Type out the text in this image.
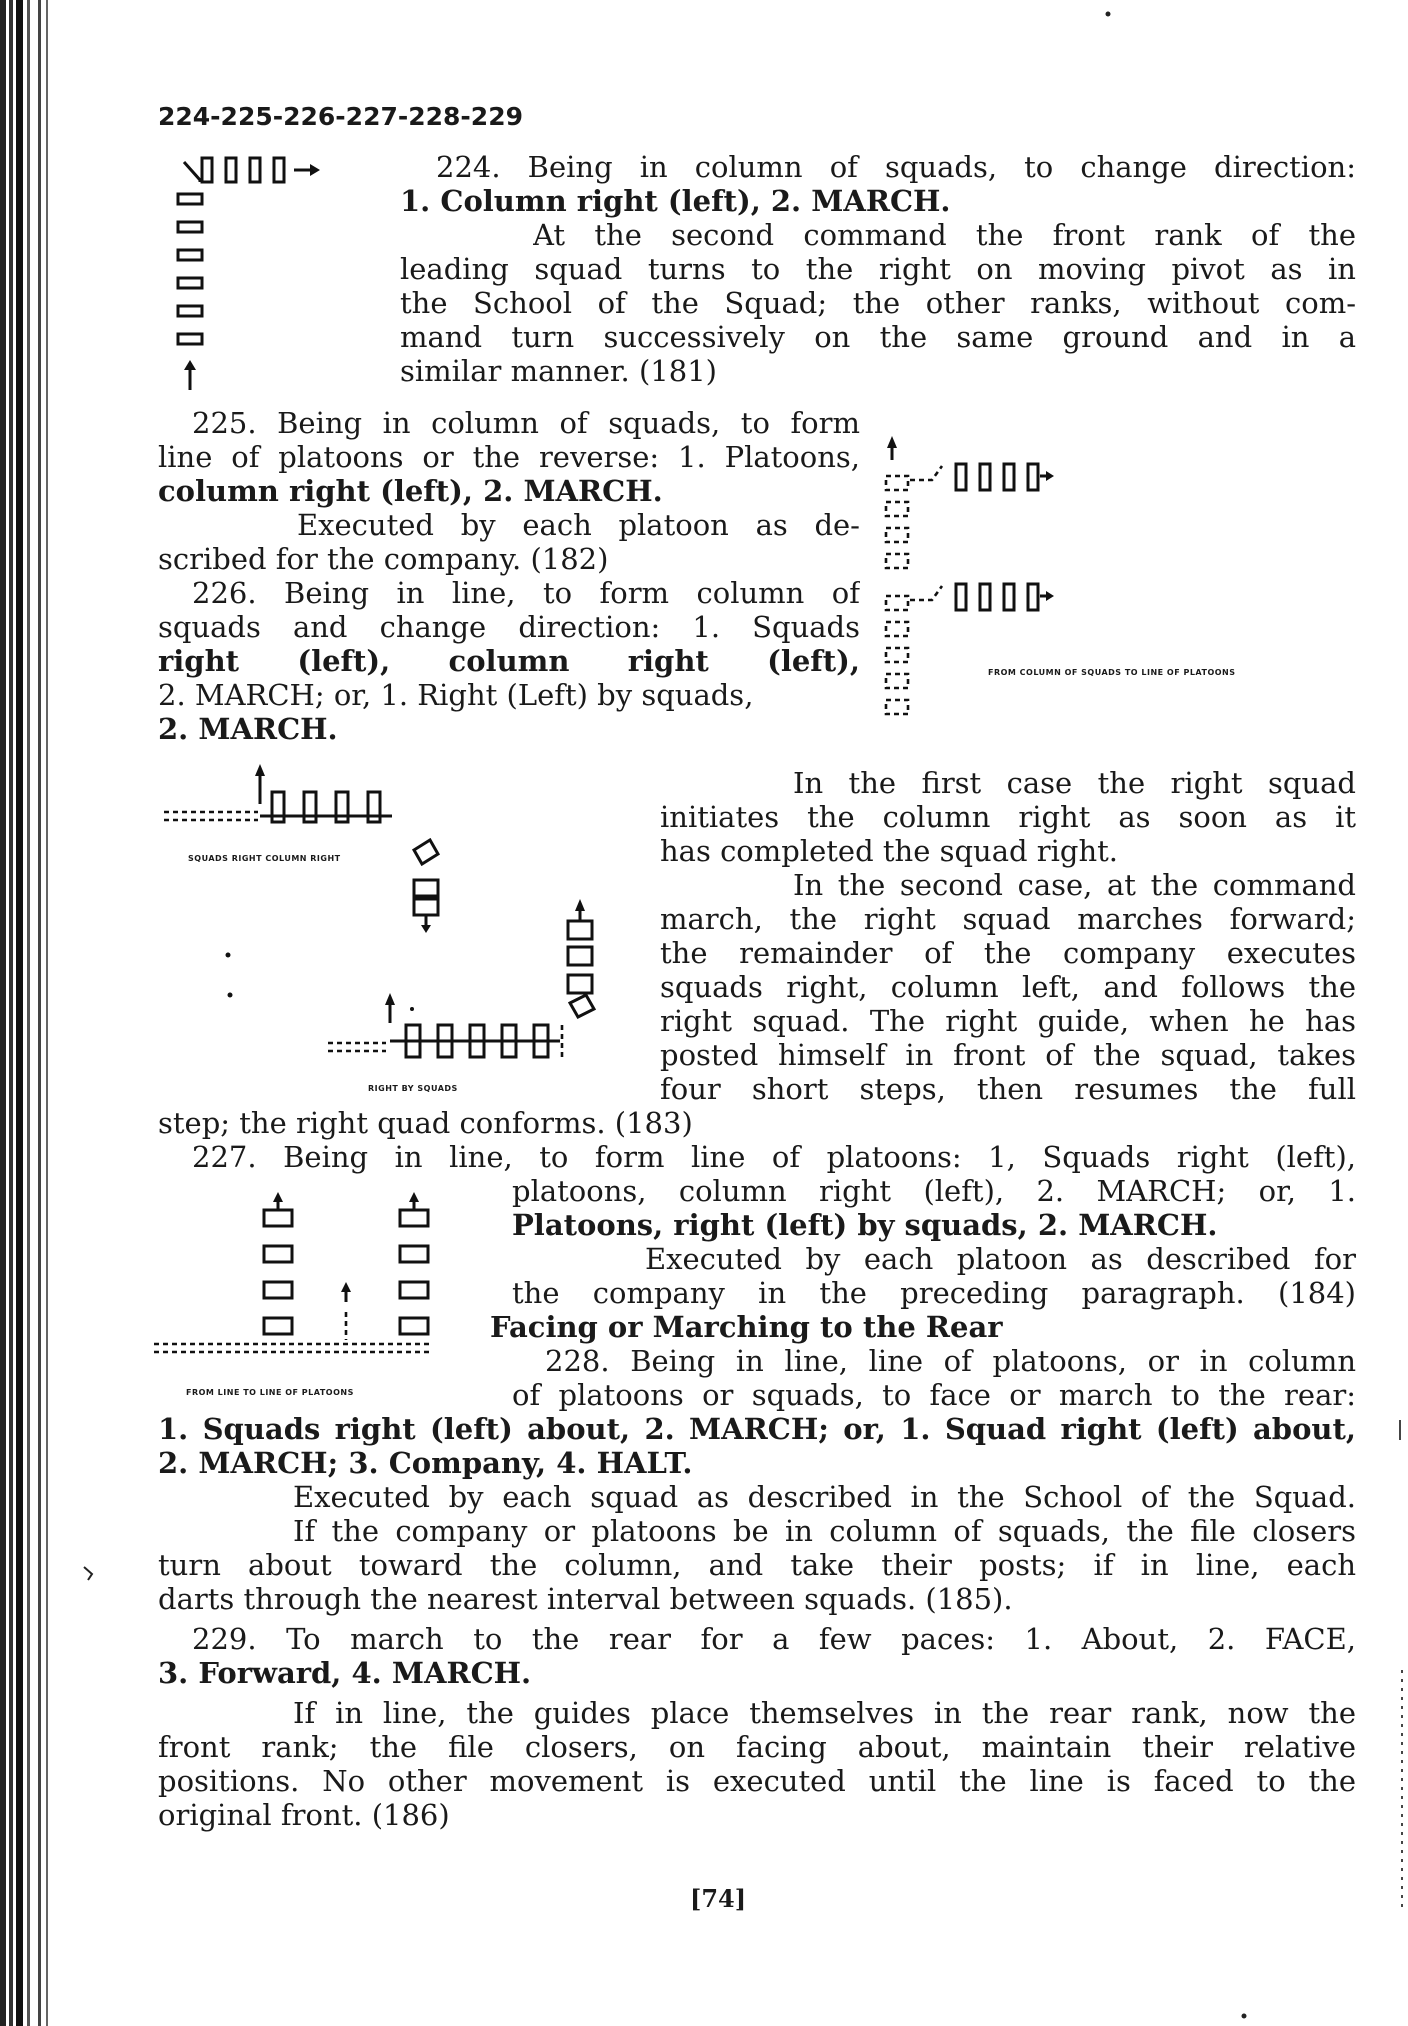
224-225-226-227-228-229
224. Being in column of squads, to change direction:
1. Column right (left), 2. MARCH.
At the second command the front rank of the
leading squad turns to the right on moving pivot as in
the School of the Squad; the other ranks, without com-
mand turn successively on the same ground and in a
similar manner. (181)
225. Being in column of squads, to form
line of platoons or the reverse: 1. Platoons,
column right (left), 2. MARCH.
Executed by each platoon as de-
scribed for the company. (182)
FROM COLUMN OF SQUADS TO LINE OF PLATOONS
226. Being in line, to form column of
squads and change direction: 1. Squads
right (left), column right (left),
2. MARCH; or, 1. Right (Left) by squads,
2. MARCH.
SQUADS RIGHT COLUMN RIGHT
RIGHT BY SQUADS
In the first case the right squad
initiates the column right as soon as it
has completed the squad right.
In the second case, at the command
march, the right squad marches forward;
the remainder of the company executes
squads right, column left, and follows the
right squad. The right guide, when he has
posted himself in front of the squad, takes
four short steps, then resumes the full
step; the right quad conforms. (183)
227. Being in line, to form line of platoons: 1, Squads right (left),
platoons, column right (left), 2. MARCH; or, 1.
Platoons, right (left) by squads, 2. MARCH.
Executed by each platoon as described for
the company in the preceding paragraph. (184)
FROM LINE TO LINE OF PLATOONS
Facing or Marching to the Rear
228. Being in line, line of platoons, or in column
of platoons or squads, to face or march to the rear:
1. Squads right (left) about, 2. MARCH; or, 1. Squad right (left) about,
2. MARCH; 3. Company, 4. HALT.
Executed by each squad as described in the School of the Squad.
If the company or platoons be in column of squads, the file closers
turn about toward the column, and take their posts; if in line, each
darts through the nearest interval between squads. (185).
229. To march to the rear for a few paces: 1. About, 2. FACE,
3. Forward, 4. MARCH.
If in line, the guides place themselves in the rear rank, now the
front rank; the file closers, on facing about, maintain their relative
positions. No other movement is executed until the line is faced to the
original front. (186)
[74]
